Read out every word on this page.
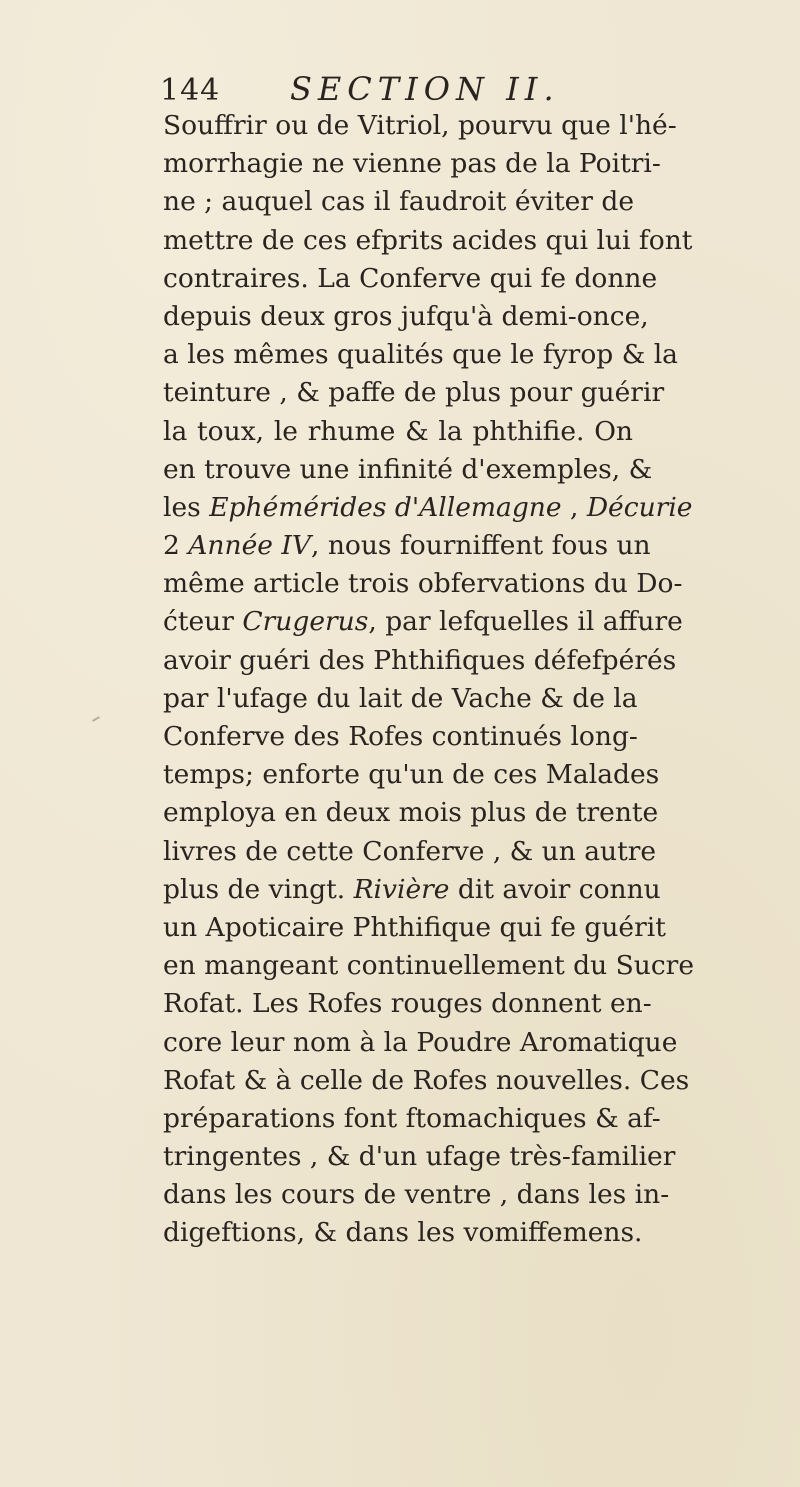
144	SECTION II.
Souffrir ou de Vitriol, pourvu que l'hé-
morrhagie ne vienne pas de la Poitri-
ne ; auquel cas il faudroit éviter de
mettre de ces efprits acides qui lui font
contraires. La Conferve qui fe donne
depuis deux gros jufqu'à demi-once,
a les mêmes qualités que le fyrop & la
teinture , & paffe de plus pour guérir
la toux, le rhume & la phthifie. On
en trouve une infinité d'exemples, &
les Ephémérides d'Allemagne , Décurie
2 Année IV, nous fourniffent fous un
même article trois obfervations du Do-
ćteur Crugerus, par lefquelles il affure
avoir guéri des Phthifiques défefpérés
par l'ufage du lait de Vache & de la
Conferve des Rofes continués long-
temps; enforte qu'un de ces Malades
employa en deux mois plus de trente
livres de cette Conferve , & un autre
plus de vingt. Rivière dit avoir connu
un Apoticaire Phthifique qui fe guérit
en mangeant continuellement du Sucre
Rofat. Les Rofes rouges donnent en-
core leur nom à la Poudre Aromatique
Rofat & à celle de Rofes nouvelles. Ces
préparations font ftomachiques & af-
tringentes , & d'un ufage très-familier
dans les cours de ventre , dans les in-
digeftions, & dans les vomiffemens.
